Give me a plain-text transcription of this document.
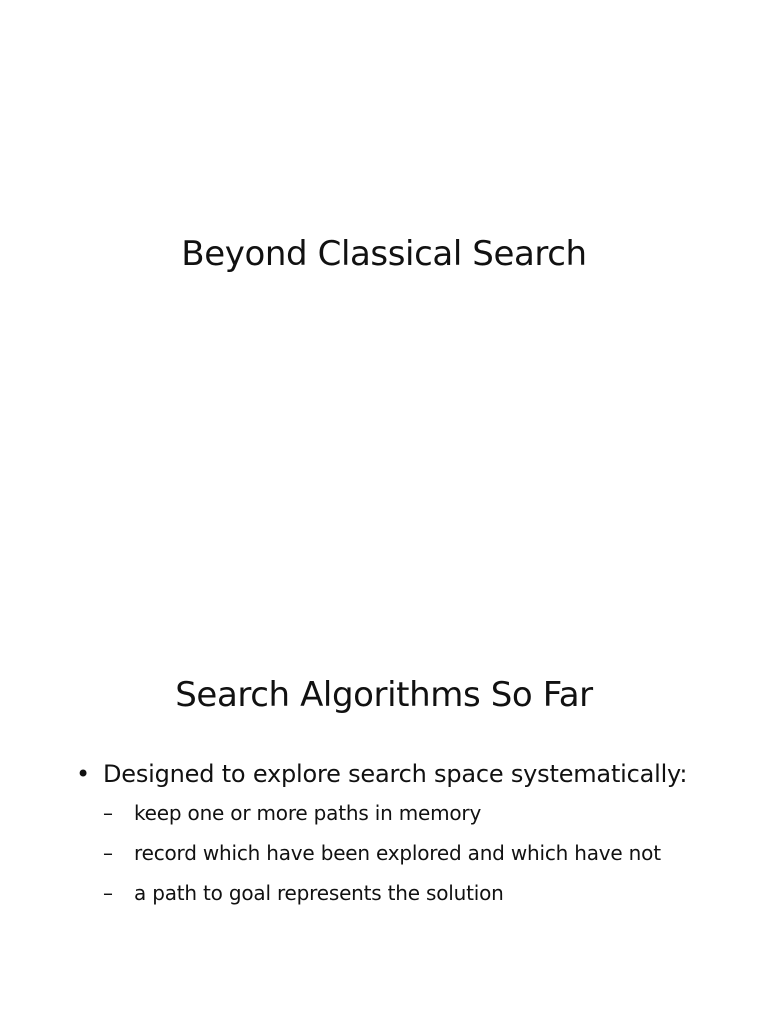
Beyond Classical Search
Search Algorithms So Far
• Designed to explore search space systematically:
– keep one or more paths in memory
– record which have been explored and which have not
– a path to goal represents the solution
